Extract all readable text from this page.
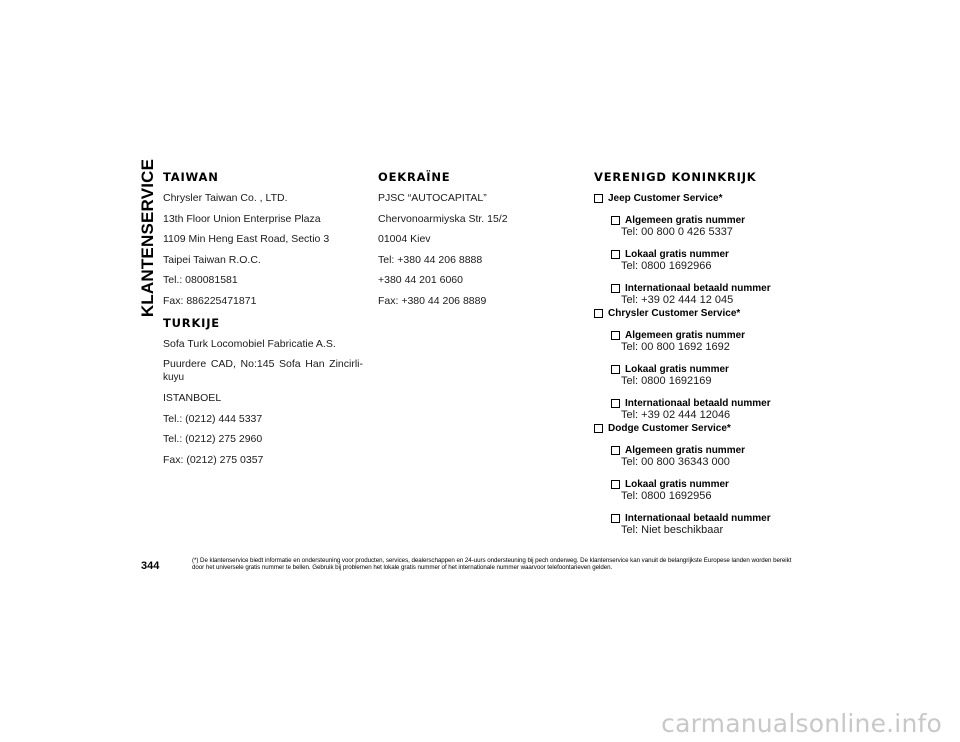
KLANTENSERVICE TAIWAN
Chrysler Taiwan Co. , LTD.
13th Floor Union Enterprise Plaza
1109 Min Heng East Road, Sectio 3
Taipei Taiwan R.O.C.
Tel.: 080081581
Fax: 886225471871
TURKIJE
Sofa Turk Locomobiel Fabricatie A.S.
Puurdere CAD, No:145 Sofa Han Zincirli-
kuyu
ISTANBOEL
Tel.: (0212) 444 5337
Tel.: (0212) 275 2960
Fax: (0212) 275 0357
OEKRAÏNE
PJSC “AUTOCAPITAL”
Chervonoarmiyska Str. 15/2
01004 Kiev
Tel: +380 44 206 8888
+380 44 201 6060
Fax: +380 44 206 8889
VERENIGD KONINKRIJK
Jeep Customer Service*
Algemeen gratis nummer
Tel: 00 800 0 426 5337
Lokaal gratis nummer
Tel: 0800 1692966
Internationaal betaald nummer
Tel: +39 02 444 12 045
Chrysler Customer Service*
Algemeen gratis nummer
Tel: 00 800 1692 1692
Lokaal gratis nummer
Tel: 0800 1692169
Internationaal betaald nummer
Tel: +39 02 444 12046
Dodge Customer Service*
Algemeen gratis nummer
Tel: 00 800 36343 000
Lokaal gratis nummer
Tel: 0800 1692956
Internationaal betaald nummer
Tel: Niet beschikbaar
344	(*) De klantenservice biedt informatie en ondersteuning voor producten, services, dealerschappen en 24-uurs ondersteuning bij pech onderweg. De klantenservice kan vanuit de belangrijkste Europese landen worden bereikt door het universele gratis nummer te bellen. Gebruik bij problemen het lokale gratis nummer of het internationale nummer waarvoor telefoontarieven gelden.
carmanualsonline.info
